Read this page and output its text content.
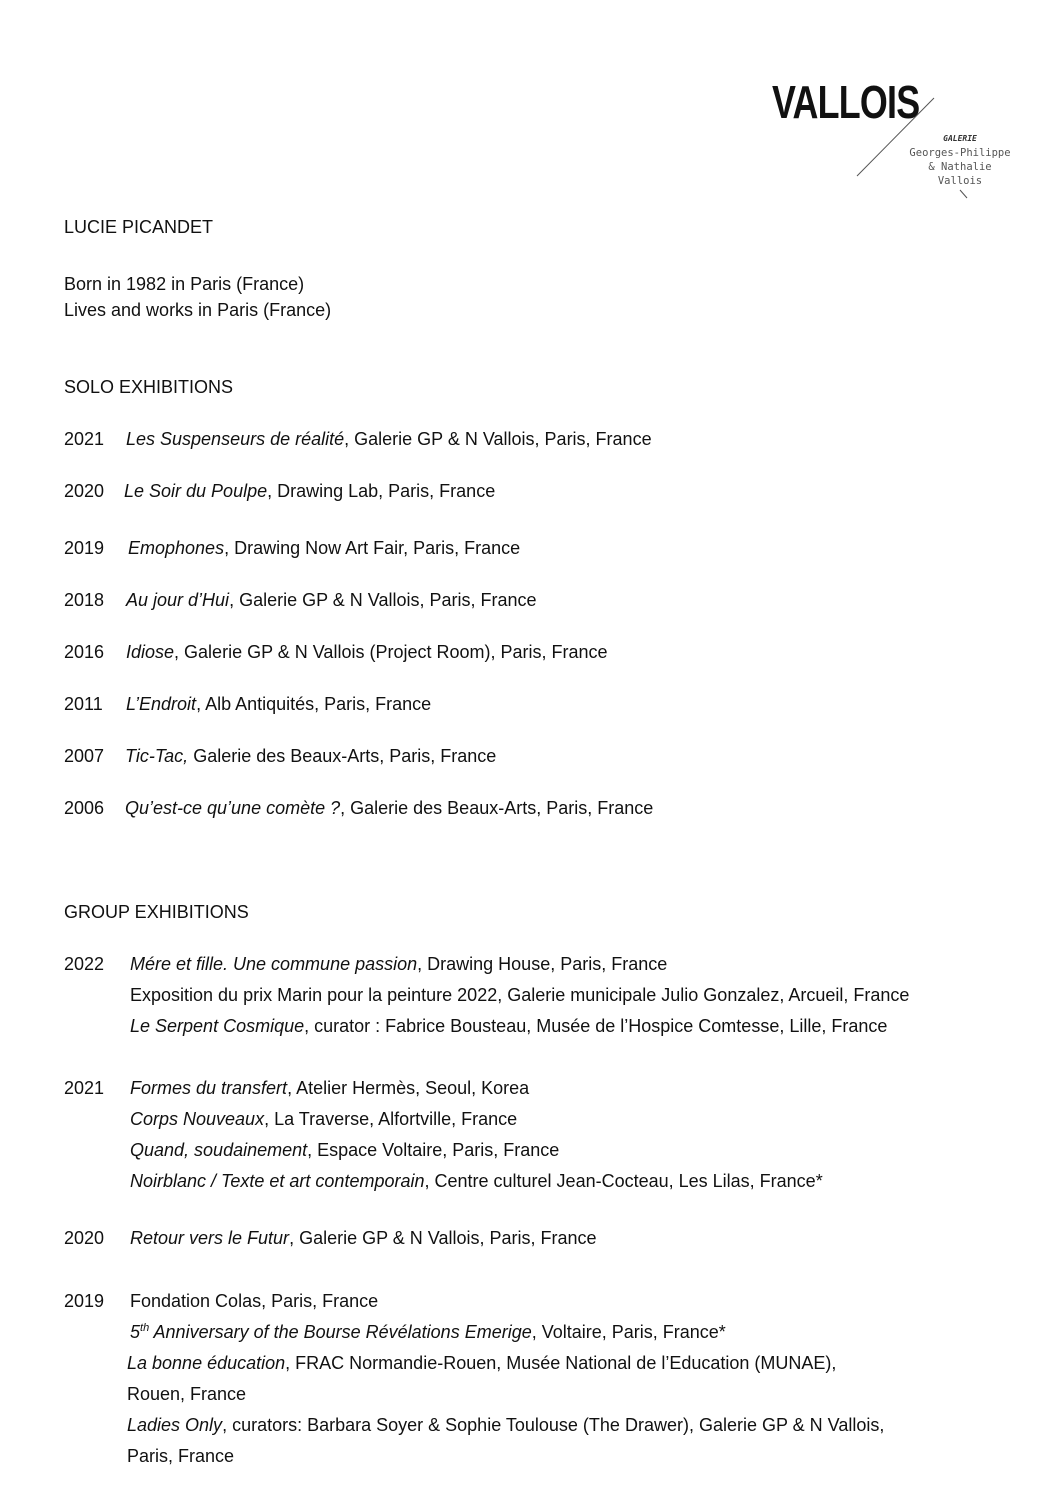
VALLOIS
GALERIE
Georges-Philippe
& Nathalie
Vallois
LUCIE PICANDET
Born in 1982 in Paris (France)
Lives and works in Paris (France)
SOLO EXHIBITIONS
2021 Les Suspenseurs de réalité, Galerie GP & N Vallois, Paris, France
2020 Le Soir du Poulpe, Drawing Lab, Paris, France
2019 Emophones, Drawing Now Art Fair, Paris, France
2018 Au jour d’Hui, Galerie GP & N Vallois, Paris, France
2016 Idiose, Galerie GP & N Vallois (Project Room), Paris, France
2011 L’Endroit, Alb Antiquités, Paris, France
2007 Tic-Tac, Galerie des Beaux-Arts, Paris, France
2006 Qu’est-ce qu’une comète ?, Galerie des Beaux-Arts, Paris, France
GROUP EXHIBITIONS
2022 Mére et fille. Une commune passion, Drawing House, Paris, France
Exposition du prix Marin pour la peinture 2022, Galerie municipale Julio Gonzalez, Arcueil, France
Le Serpent Cosmique, curator : Fabrice Bousteau, Musée de l’Hospice Comtesse, Lille, France
2021 Formes du transfert, Atelier Hermès, Seoul, Korea
Corps Nouveaux, La Traverse, Alfortville, France
Quand, soudainement, Espace Voltaire, Paris, France
Noirblanc / Texte et art contemporain, Centre culturel Jean-Cocteau, Les Lilas, France*
2020 Retour vers le Futur, Galerie GP & N Vallois, Paris, France
2019 Fondation Colas, Paris, France
5th Anniversary of the Bourse Révélations Emerige, Voltaire, Paris, France*
La bonne éducation, FRAC Normandie-Rouen, Musée National de l’Education (MUNAE),
Rouen, France
Ladies Only, curators: Barbara Soyer & Sophie Toulouse (The Drawer), Galerie GP & N Vallois,
Paris, France
